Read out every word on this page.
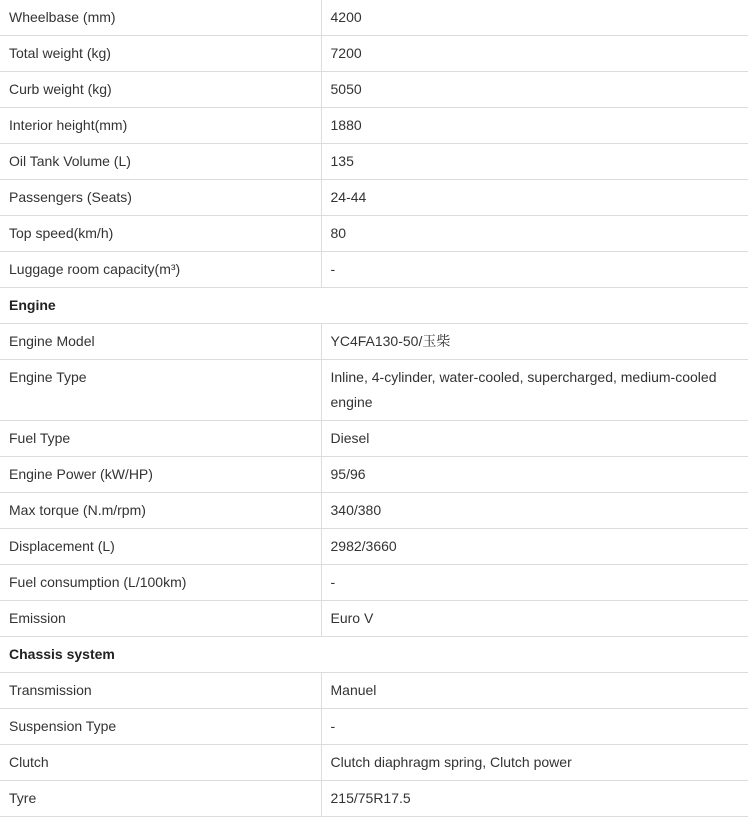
Wheelbase (mm)	4200
Total weight (kg)	7200
Curb weight (kg)	5050
Interior height(mm)	1880
Oil Tank Volume (L)	135
Passengers (Seats)	24-44
Top speed(km/h)	80
Luggage room capacity(m³)	-
Engine	
Engine Model	YC4FA130-50/玉柴
Engine Type	Inline, 4-cylinder, water-cooled, supercharged, medium-cooled engine
Fuel Type	Diesel
Engine Power (kW/HP)	95/96
Max torque (N.m/rpm)	340/380
Displacement (L)	2982/3660
Fuel consumption (L/100km)	-
Emission	Euro V
Chassis system	
Transmission	Manuel
Suspension Type	-
Clutch	Clutch diaphragm spring, Clutch power
Tyre	215/75R17.5
